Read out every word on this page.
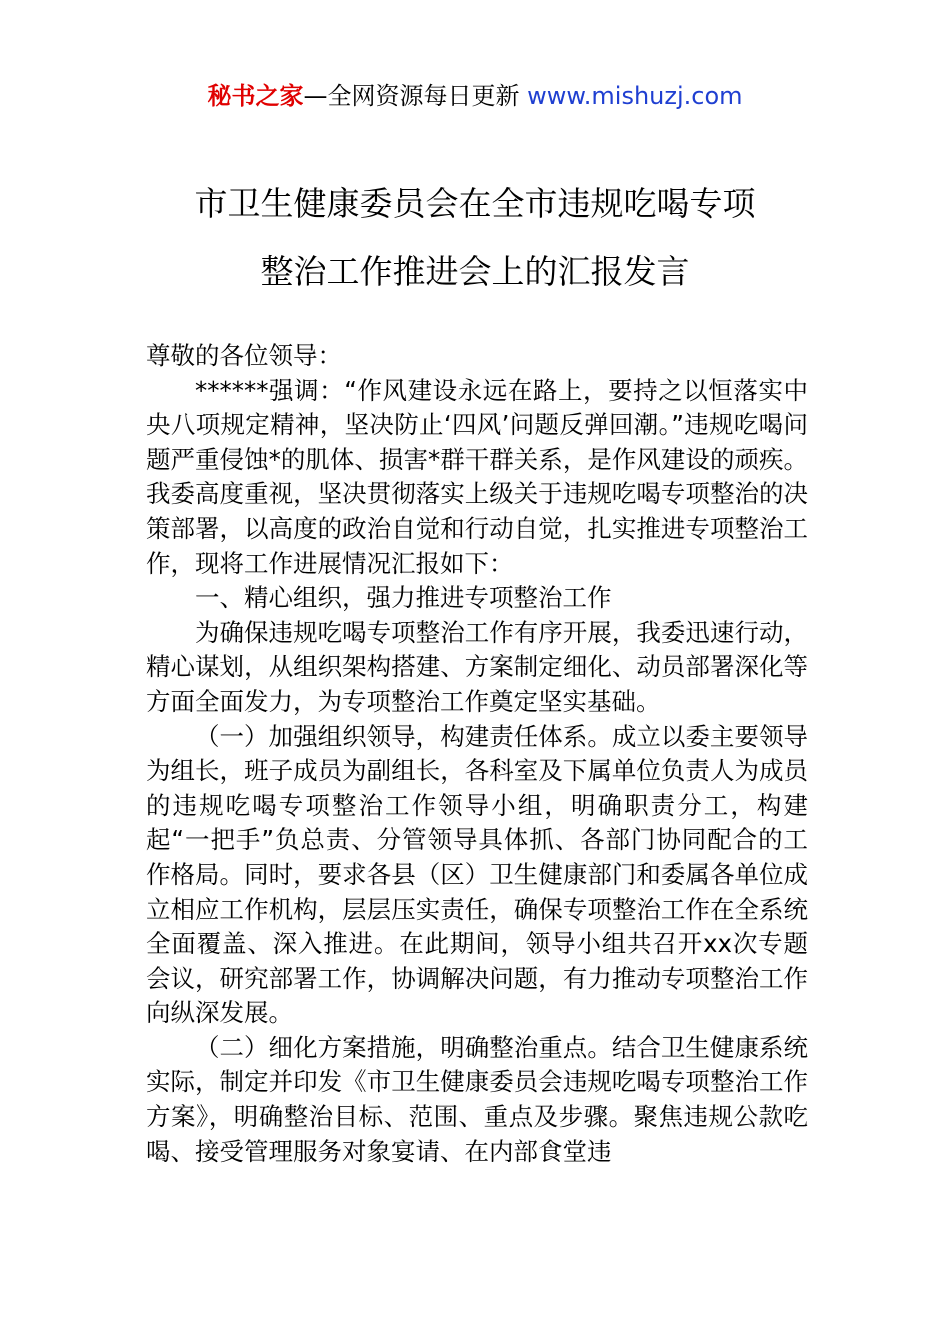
秘书之家—全网资源每日更新 www.mishuzj.com
市卫生健康委员会在全市违规吃喝专项
整治工作推进会上的汇报发言

尊敬的各位领导：

******强调：“作风建设永远在路上，要持之以恒落实中央八项规定精神，坚决防止‘四风’问题反弹回潮。”违规吃喝问题严重侵蚀*的肌体、损害*群干群关系，是作风建设的顽疾。我委高度重视，坚决贯彻落实上级关于违规吃喝专项整治的决策部署，以高度的政治自觉和行动自觉，扎实推进专项整治工作，现将工作进展情况汇报如下：

一、精心组织，强力推进专项整治工作

为确保违规吃喝专项整治工作有序开展，我委迅速行动，精心谋划，从组织架构搭建、方案制定细化、动员部署深化等方面全面发力，为专项整治工作奠定坚实基础。

（一）加强组织领导，构建责任体系。成立以委主要领导为组长，班子成员为副组长，各科室及下属单位负责人为成员的违规吃喝专项整治工作领导小组，明确职责分工，构建起“一把手”负总责、分管领导具体抓、各部门协同配合的工作格局。同时，要求各县（区）卫生健康部门和委属各单位成立相应工作机构，层层压实责任，确保专项整治工作在全系统全面覆盖、深入推进。在此期间，领导小组共召开xx次专题会议，研究部署工作，协调解决问题，有力推动专项整治工作向纵深发展。

（二）细化方案措施，明确整治重点。结合卫生健康系统实际，制定并印发《市卫生健康委员会违规吃喝专项整治工作方案》，明确整治目标、范围、重点及步骤。聚焦违规公款吃喝、接受管理服务对象宴请、在内部食堂违
